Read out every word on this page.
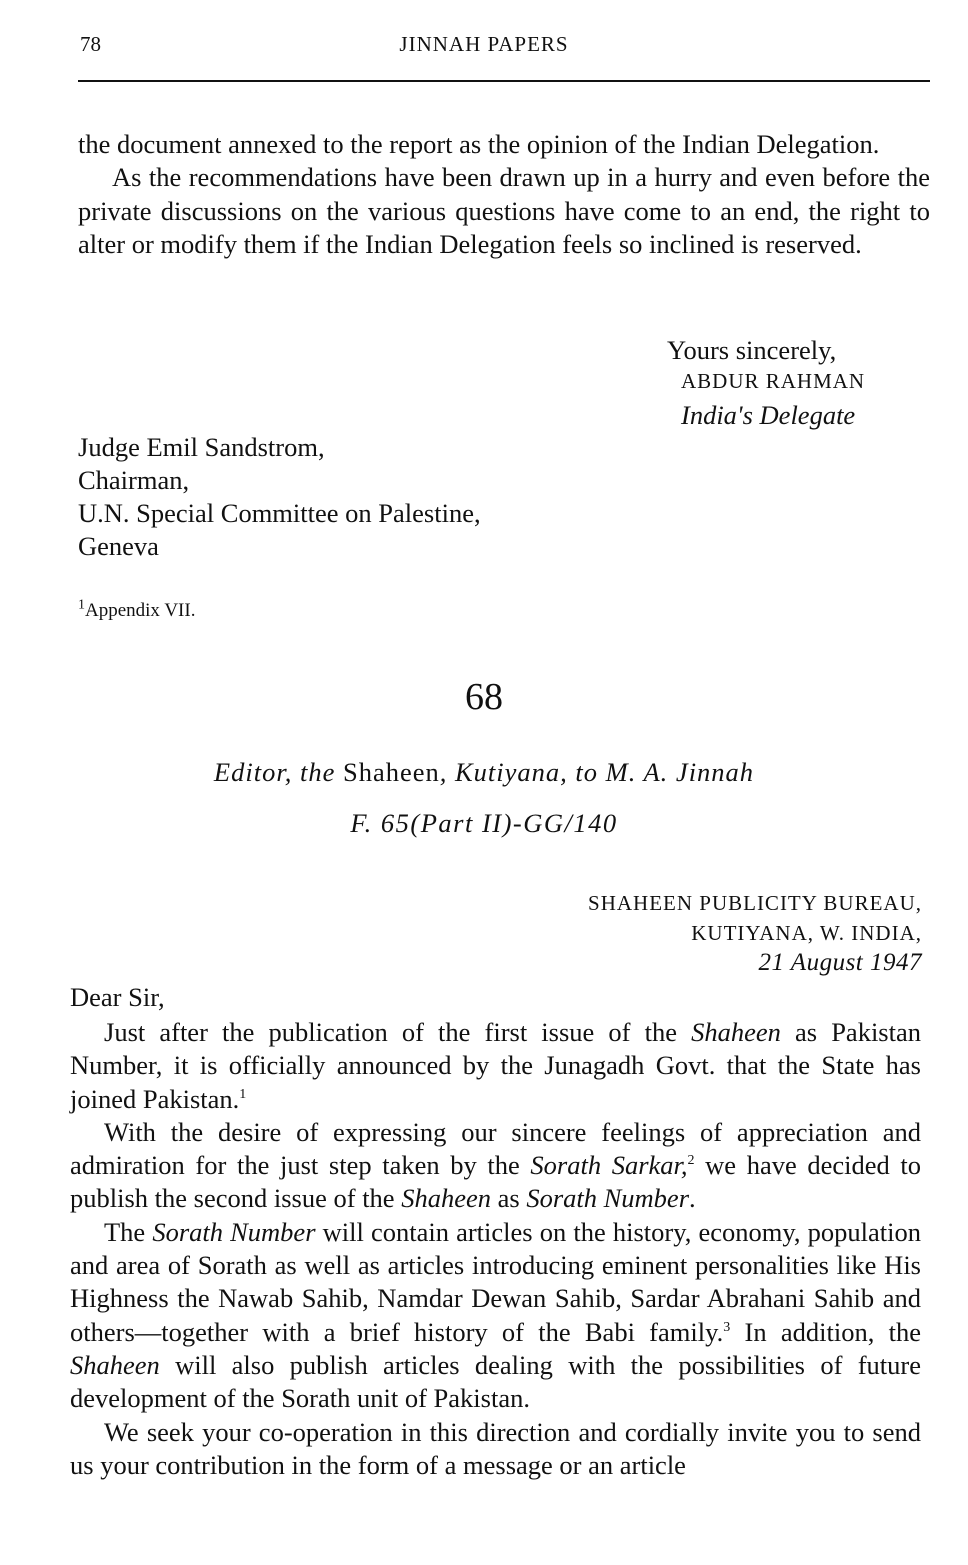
78	JINNAH PAPERS

the document annexed to the report as the opinion of the Indian Delegation.

As the recommendations have been drawn up in a hurry and even before the private discussions on the various questions have come to an end, the right to alter or modify them if the Indian Delegation feels so inclined is reserved.

Yours sincerely,
ABDUR RAHMAN
India's Delegate
Judge Emil Sandstrom,
Chairman,
U.N. Special Committee on Palestine,
Geneva
$^1$Appendix VII.
68
Editor, the Shaheen, Kutiyana, to M. A. Jinnah
F. 65(Part II)-GG/140
SHAHEEN PUBLICITY BUREAU,
KUTIYANA, W. INDIA,
21 August 1947
Dear Sir,

Just after the publication of the first issue of the Shaheen as Pakistan Number, it is officially announced by the Junagadh Govt. that the State has joined Pakistan.$^1$

With the desire of expressing our sincere feelings of appreciation and admiration for the just step taken by the Sorath Sarkar,$^2$ we have decided to publish the second issue of the Shaheen as Sorath Number.

The Sorath Number will contain articles on the history, economy, population and area of Sorath as well as articles introducing eminent personalities like His Highness the Nawab Sahib, Namdar Dewan Sahib, Sardar Abrahani Sahib and others—together with a brief history of the Babi family.$^3$ In addition, the Shaheen will also publish articles dealing with the possibilities of future development of the Sorath unit of Pakistan.

We seek your co-operation in this direction and cordially invite you to send us your contribution in the form of a message or an article
